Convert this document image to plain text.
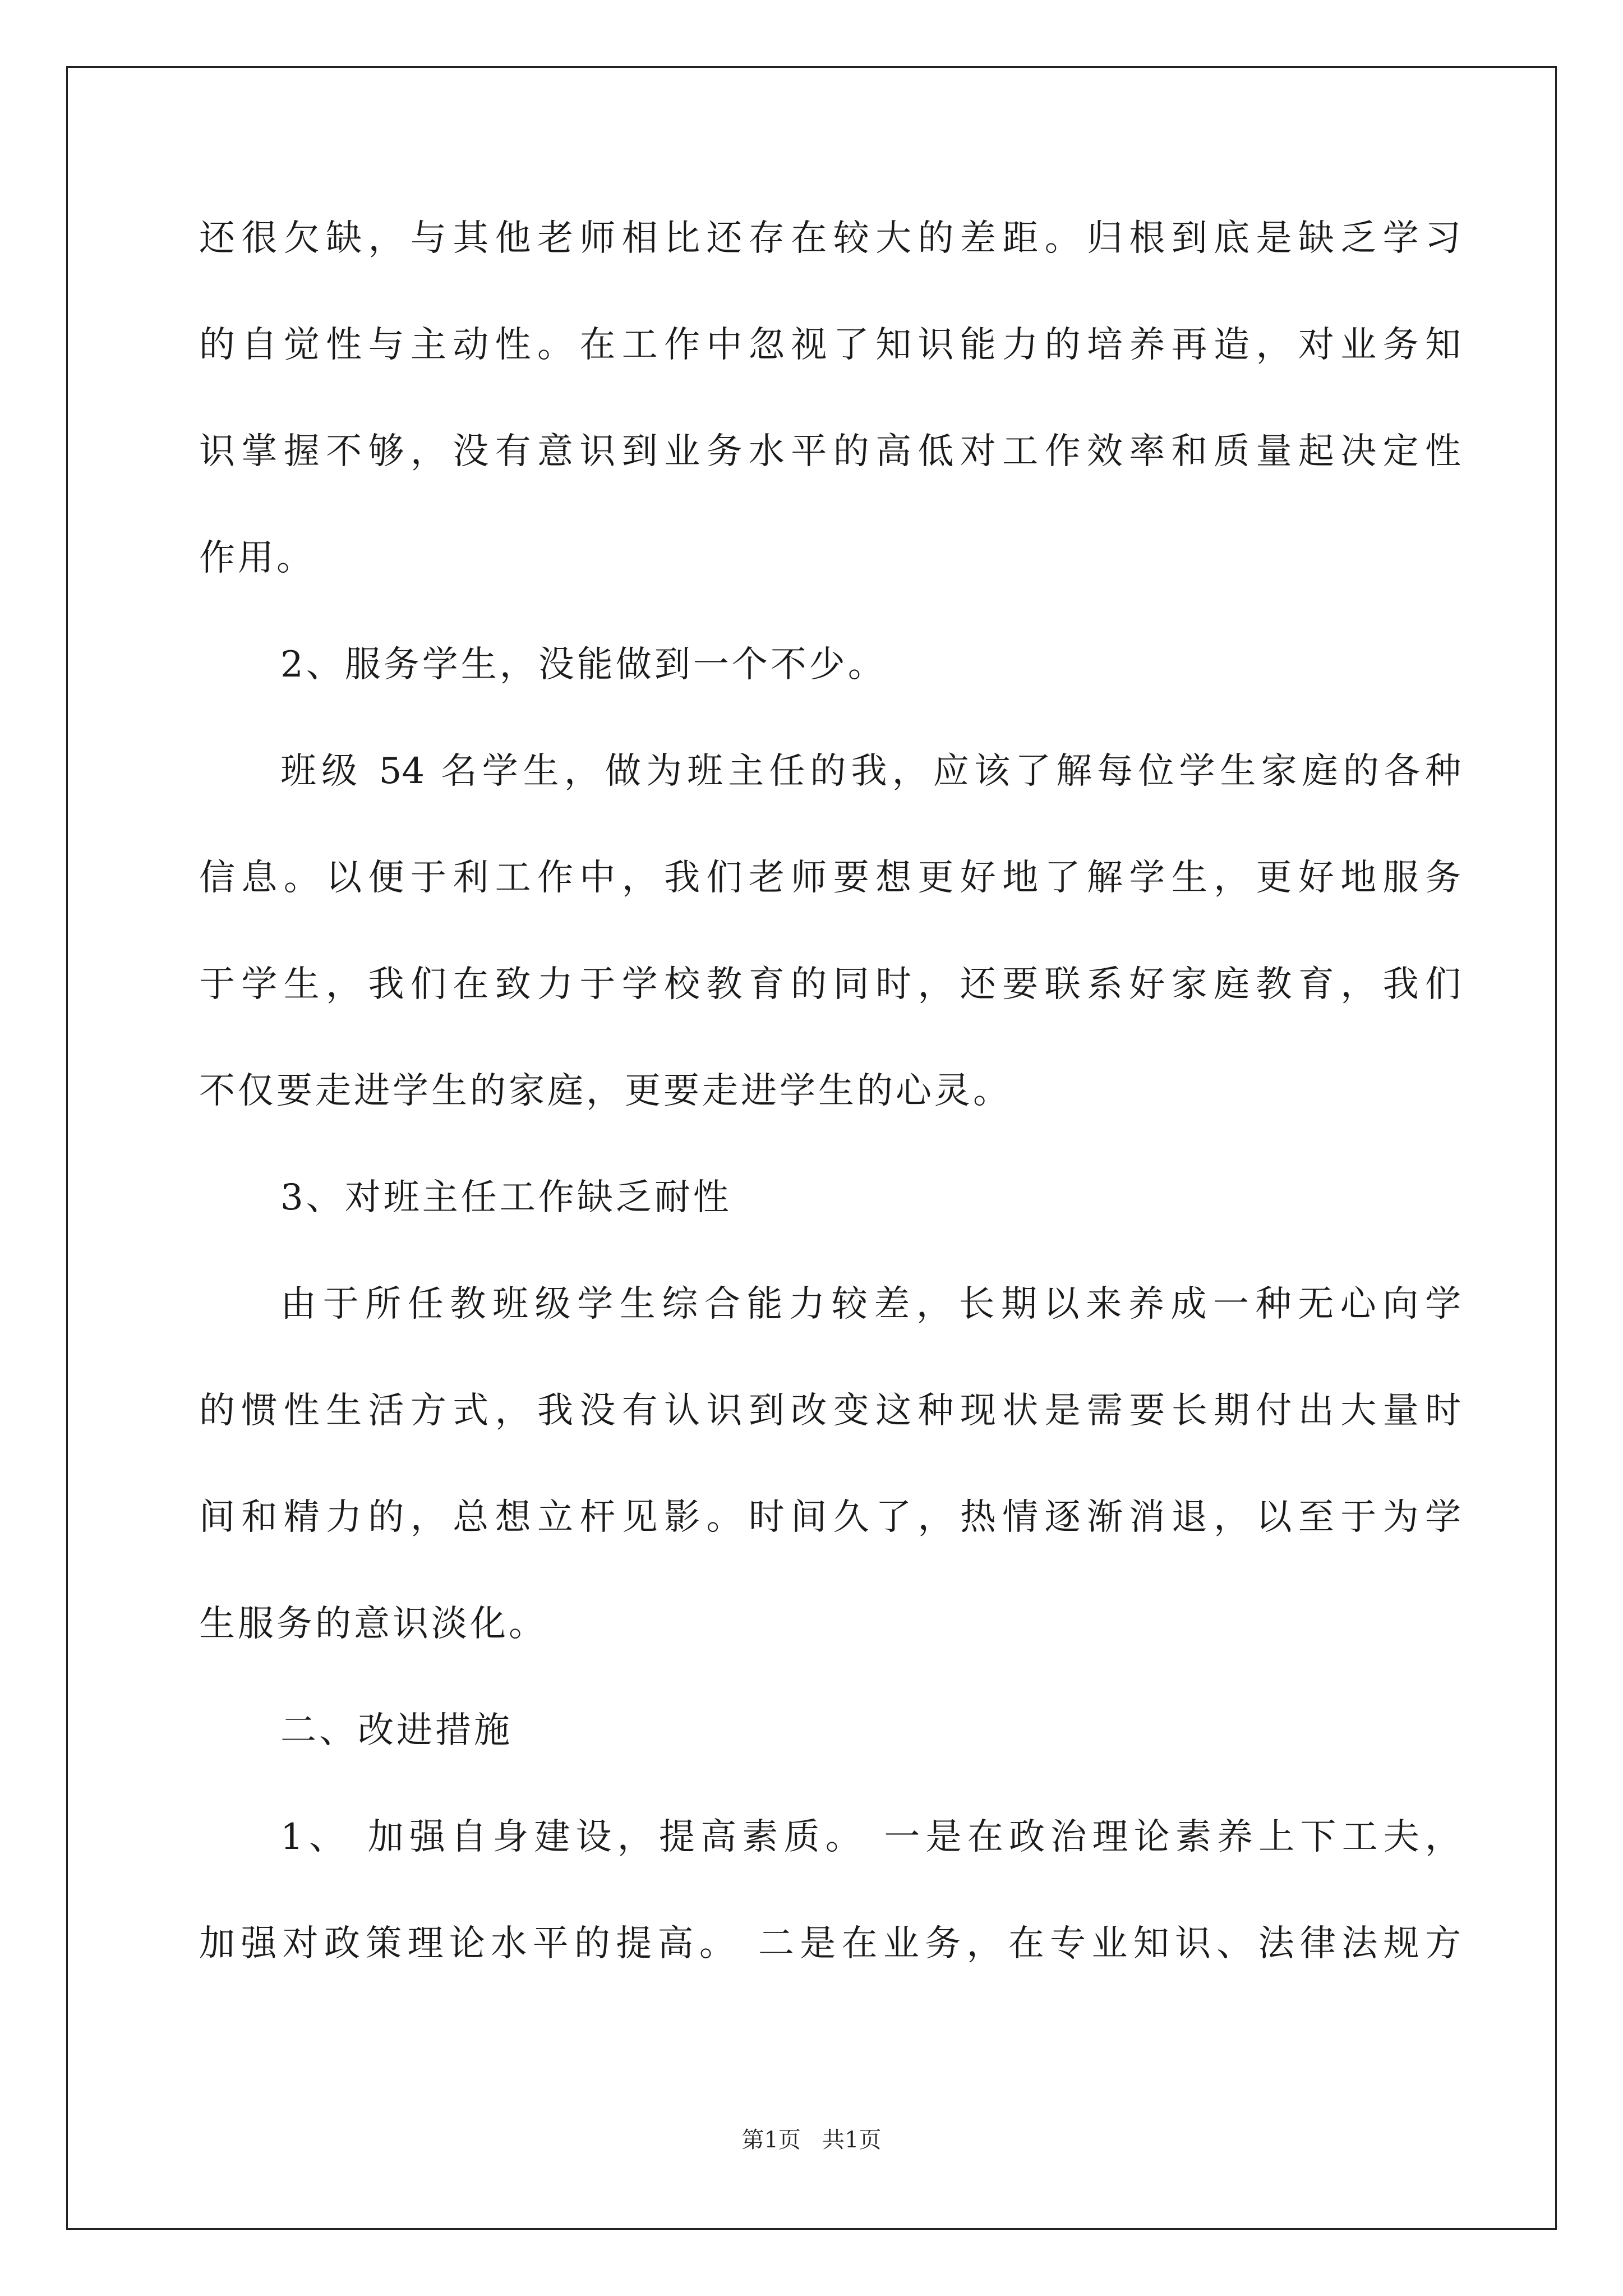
还很欠缺，与其他老师相比还存在较大的差距。归根到底是缺乏学习
的自觉性与主动性。在工作中忽视了知识能力的培养再造，对业务知
识掌握不够，没有意识到业务水平的高低对工作效率和质量起决定性
作用。
2、服务学生，没能做到一个不少。
班级 54 名学生，做为班主任的我，应该了解每位学生家庭的各种
信息。以便于利工作中，我们老师要想更好地了解学生，更好地服务
于学生，我们在致力于学校教育的同时，还要联系好家庭教育，我们
不仅要走进学生的家庭，更要走进学生的心灵。
3、对班主任工作缺乏耐性
由于所任教班级学生综合能力较差，长期以来养成一种无心向学
的惯性生活方式，我没有认识到改变这种现状是需要长期付出大量时
间和精力的，总想立杆见影。时间久了，热情逐渐消退，以至于为学
生服务的意识淡化。
二、改进措施
1、 加强自身建设，提高素质。 一是在政治理论素养上下工夫，
加强对政策理论水平的提高。 二是在业务，在专业知识、法律法规方
第1页   共1页
